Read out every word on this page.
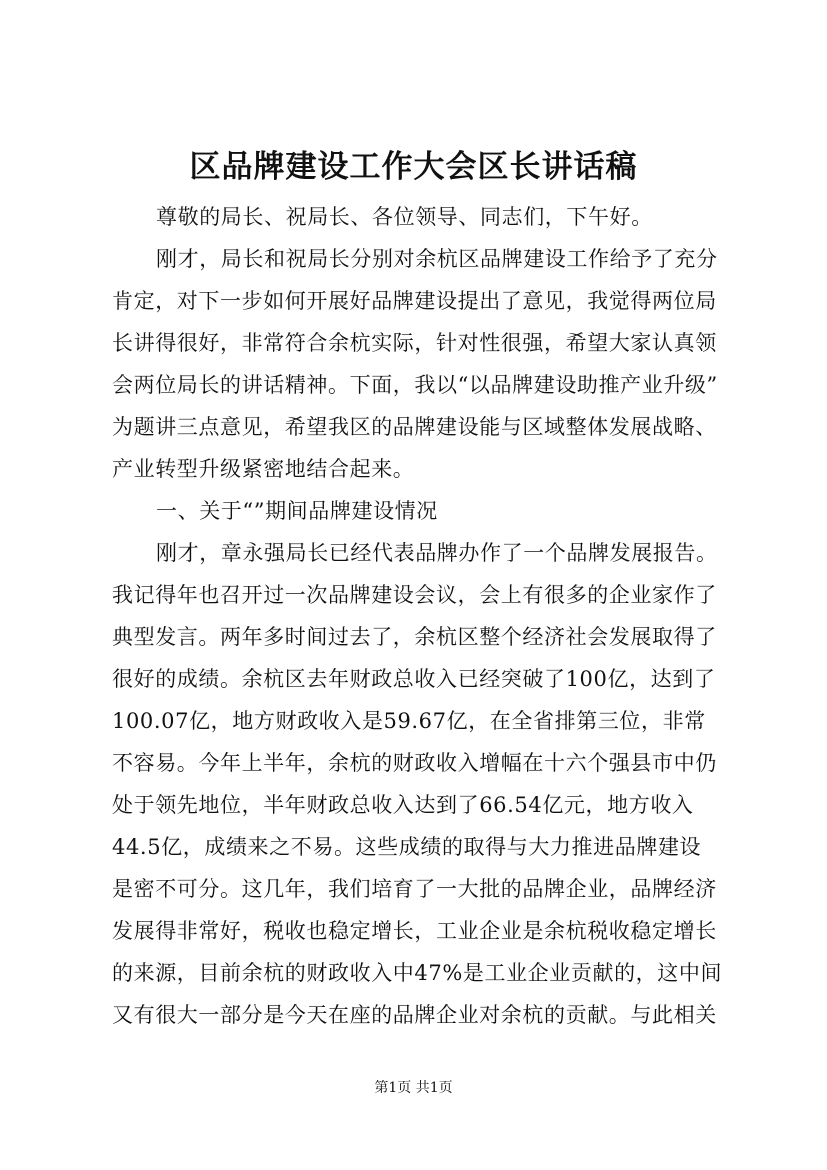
区品牌建设工作大会区长讲话稿
尊敬的局长、祝局长、各位领导、同志们，下午好。
刚才，局长和祝局长分别对余杭区品牌建设工作给予了充分
肯定，对下一步如何开展好品牌建设提出了意见，我觉得两位局
长讲得很好，非常符合余杭实际，针对性很强，希望大家认真领
会两位局长的讲话精神。下面，我以“以品牌建设助推产业升级”
为题讲三点意见，希望我区的品牌建设能与区域整体发展战略、
产业转型升级紧密地结合起来。
一、关于“”期间品牌建设情况
刚才，章永强局长已经代表品牌办作了一个品牌发展报告。
我记得年也召开过一次品牌建设会议，会上有很多的企业家作了
典型发言。两年多时间过去了，余杭区整个经济社会发展取得了
很好的成绩。余杭区去年财政总收入已经突破了100亿，达到了
100.07亿，地方财政收入是59.67亿，在全省排第三位，非常
不容易。今年上半年，余杭的财政收入增幅在十六个强县市中仍
处于领先地位，半年财政总收入达到了66.54亿元，地方收入
44.5亿，成绩来之不易。这些成绩的取得与大力推进品牌建设
是密不可分。这几年，我们培育了一大批的品牌企业，品牌经济
发展得非常好，税收也稳定增长，工业企业是余杭税收稳定增长
的来源，目前余杭的财政收入中47%是工业企业贡献的，这中间
又有很大一部分是今天在座的品牌企业对余杭的贡献。与此相关
第1页 共1页
